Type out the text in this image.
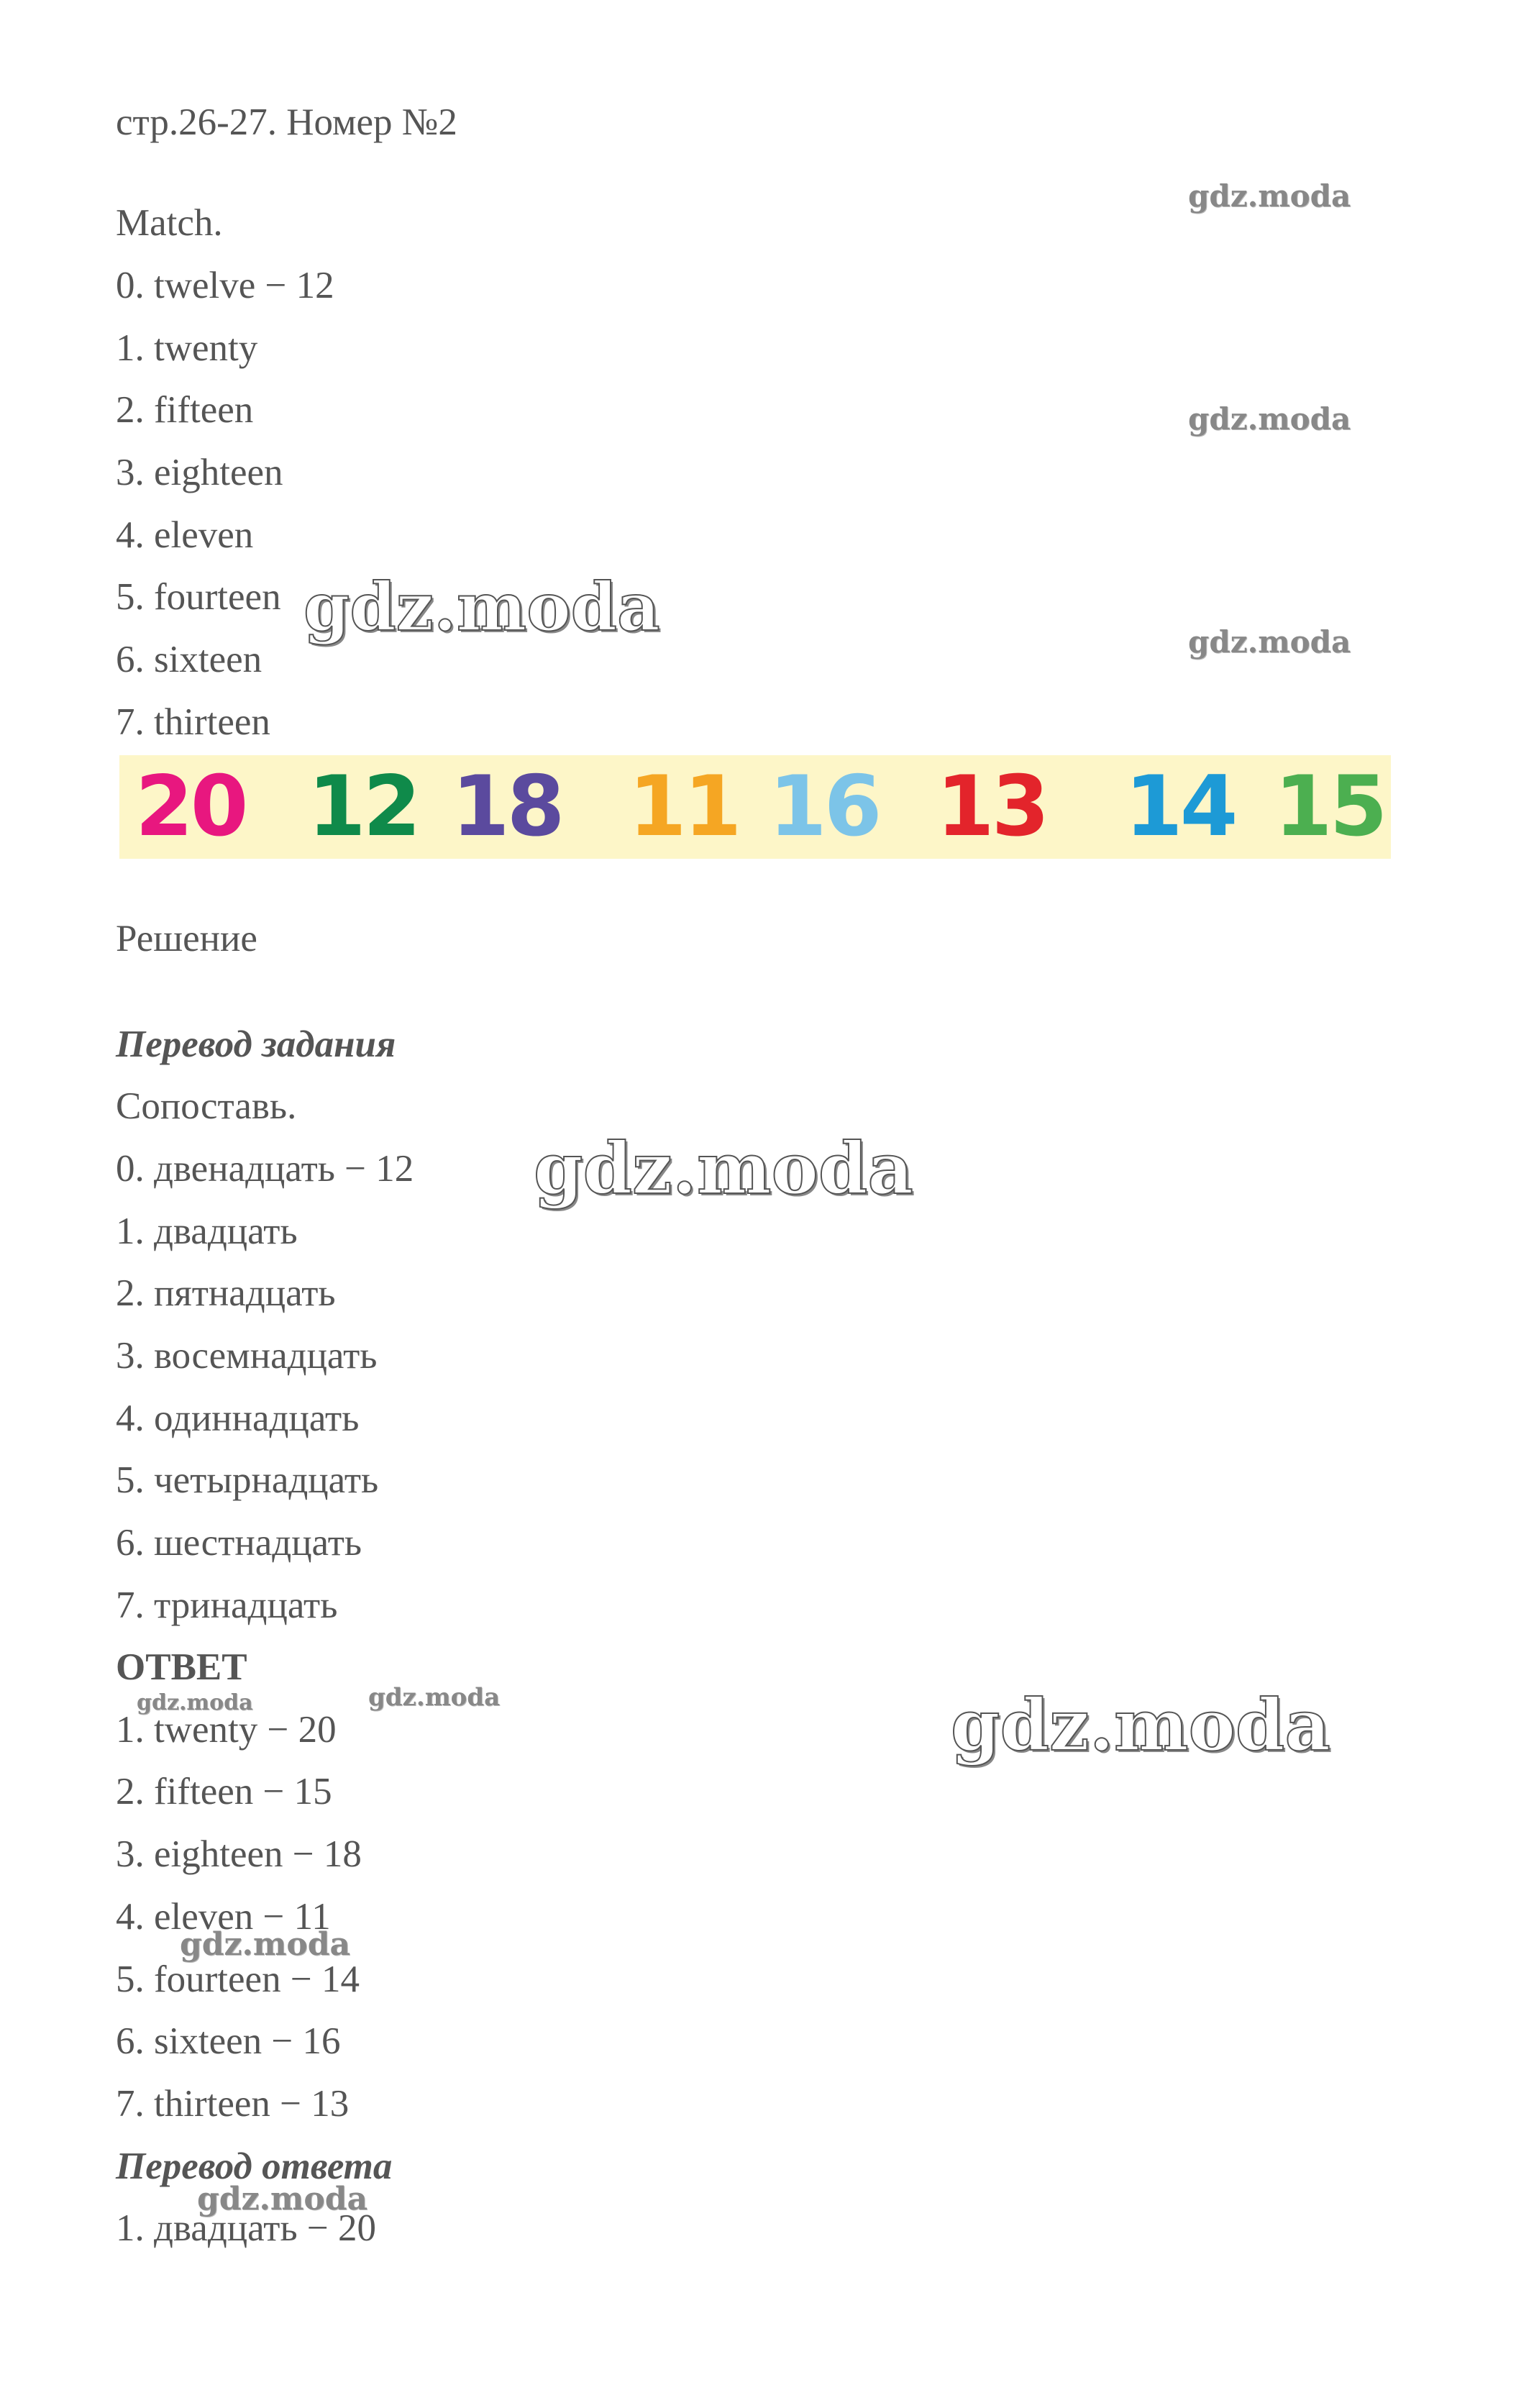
стр.26-27. Номер №2
Match.
0. twelve − 12
1. twenty
2. fifteen
3. eighteen
4. eleven
5. fourteen
6. sixteen
7. thirteen
20 12 18 11 16 13 14 15
Решение
Перевод задания
Сопоставь.
0. двенадцать − 12
1. двадцать
2. пятнадцать
3. восемнадцать
4. одиннадцать
5. четырнадцать
6. шестнадцать
7. тринадцать
ОТВЕТ
1. twenty − 20
2. fifteen − 15
3. eighteen − 18
4. eleven − 11
5. fourteen − 14
6. sixteen − 16
7. thirteen − 13
Перевод ответа
1. двадцать − 20
gdz.moda
gdz.moda
gdz.moda
gdz.moda
gdz.moda
gdz.moda
gdz.moda	gdz.moda
gdz.moda
gdz.moda
